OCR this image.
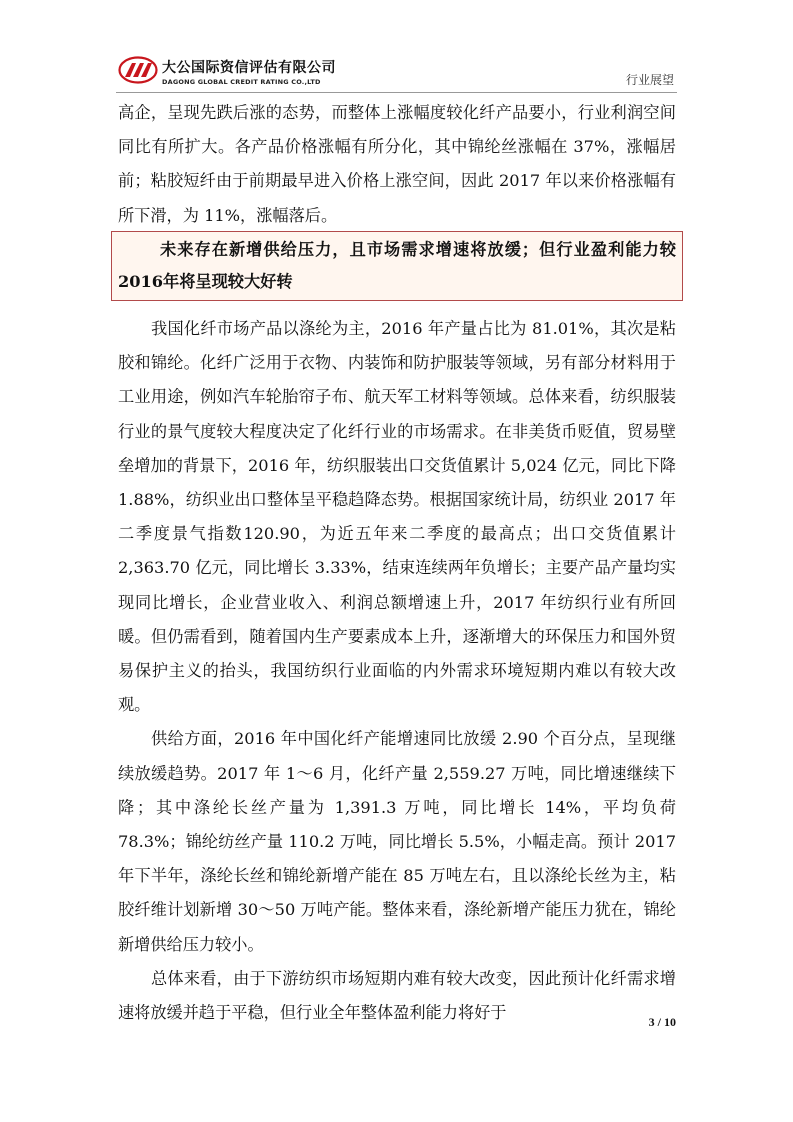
大公国际资信评估有限公司
DAGONG GLOBAL CREDIT RATING CO.,LTD	行业展望

高企，呈现先跌后涨的态势，而整体上涨幅度较化纤产品要小，行业利润空间同比有所扩大。各产品价格涨幅有所分化，其中锦纶丝涨幅在 37%，涨幅居前；粘胶短纤由于前期最早进入价格上涨空间，因此 2017 年以来价格涨幅有所下滑，为 11%，涨幅落后。

未来存在新增供给压力，且市场需求增速将放缓；但行业盈利能力较2016年将呈现较大好转

我国化纤市场产品以涤纶为主，2016 年产量占比为 81.01%，其次是粘胶和锦纶。化纤广泛用于衣物、内装饰和防护服装等领域，另有部分材料用于工业用途，例如汽车轮胎帘子布、航天军工材料等领域。总体来看，纺织服装行业的景气度较大程度决定了化纤行业的市场需求。在非美货币贬值，贸易壁垒增加的背景下，2016 年，纺织服装出口交货值累计 5,024 亿元，同比下降 1.88%，纺织业出口整体呈平稳趋降态势。根据国家统计局，纺织业 2017 年二季度景气指数120.90，为近五年来二季度的最高点；出口交货值累计 2,363.70 亿元，同比增长 3.33%，结束连续两年负增长；主要产品产量均实现同比增长，企业营业收入、利润总额增速上升，2017 年纺织行业有所回暖。但仍需看到，随着国内生产要素成本上升，逐渐增大的环保压力和国外贸易保护主义的抬头，我国纺织行业面临的内外需求环境短期内难以有较大改观。

供给方面，2016 年中国化纤产能增速同比放缓 2.90 个百分点，呈现继续放缓趋势。2017 年 1～6 月，化纤产量 2,559.27 万吨，同比增速继续下降；其中涤纶长丝产量为 1,391.3 万吨，同比增长 14%，平均负荷 78.3%；锦纶纺丝产量 110.2 万吨，同比增长 5.5%，小幅走高。预计 2017 年下半年，涤纶长丝和锦纶新增产能在 85 万吨左右，且以涤纶长丝为主，粘胶纤维计划新增 30～50 万吨产能。整体来看，涤纶新增产能压力犹在，锦纶新增供给压力较小。

总体来看，由于下游纺织市场短期内难有较大改变，因此预计化纤需求增速将放缓并趋于平稳，但行业全年整体盈利能力将好于	3 / 10
